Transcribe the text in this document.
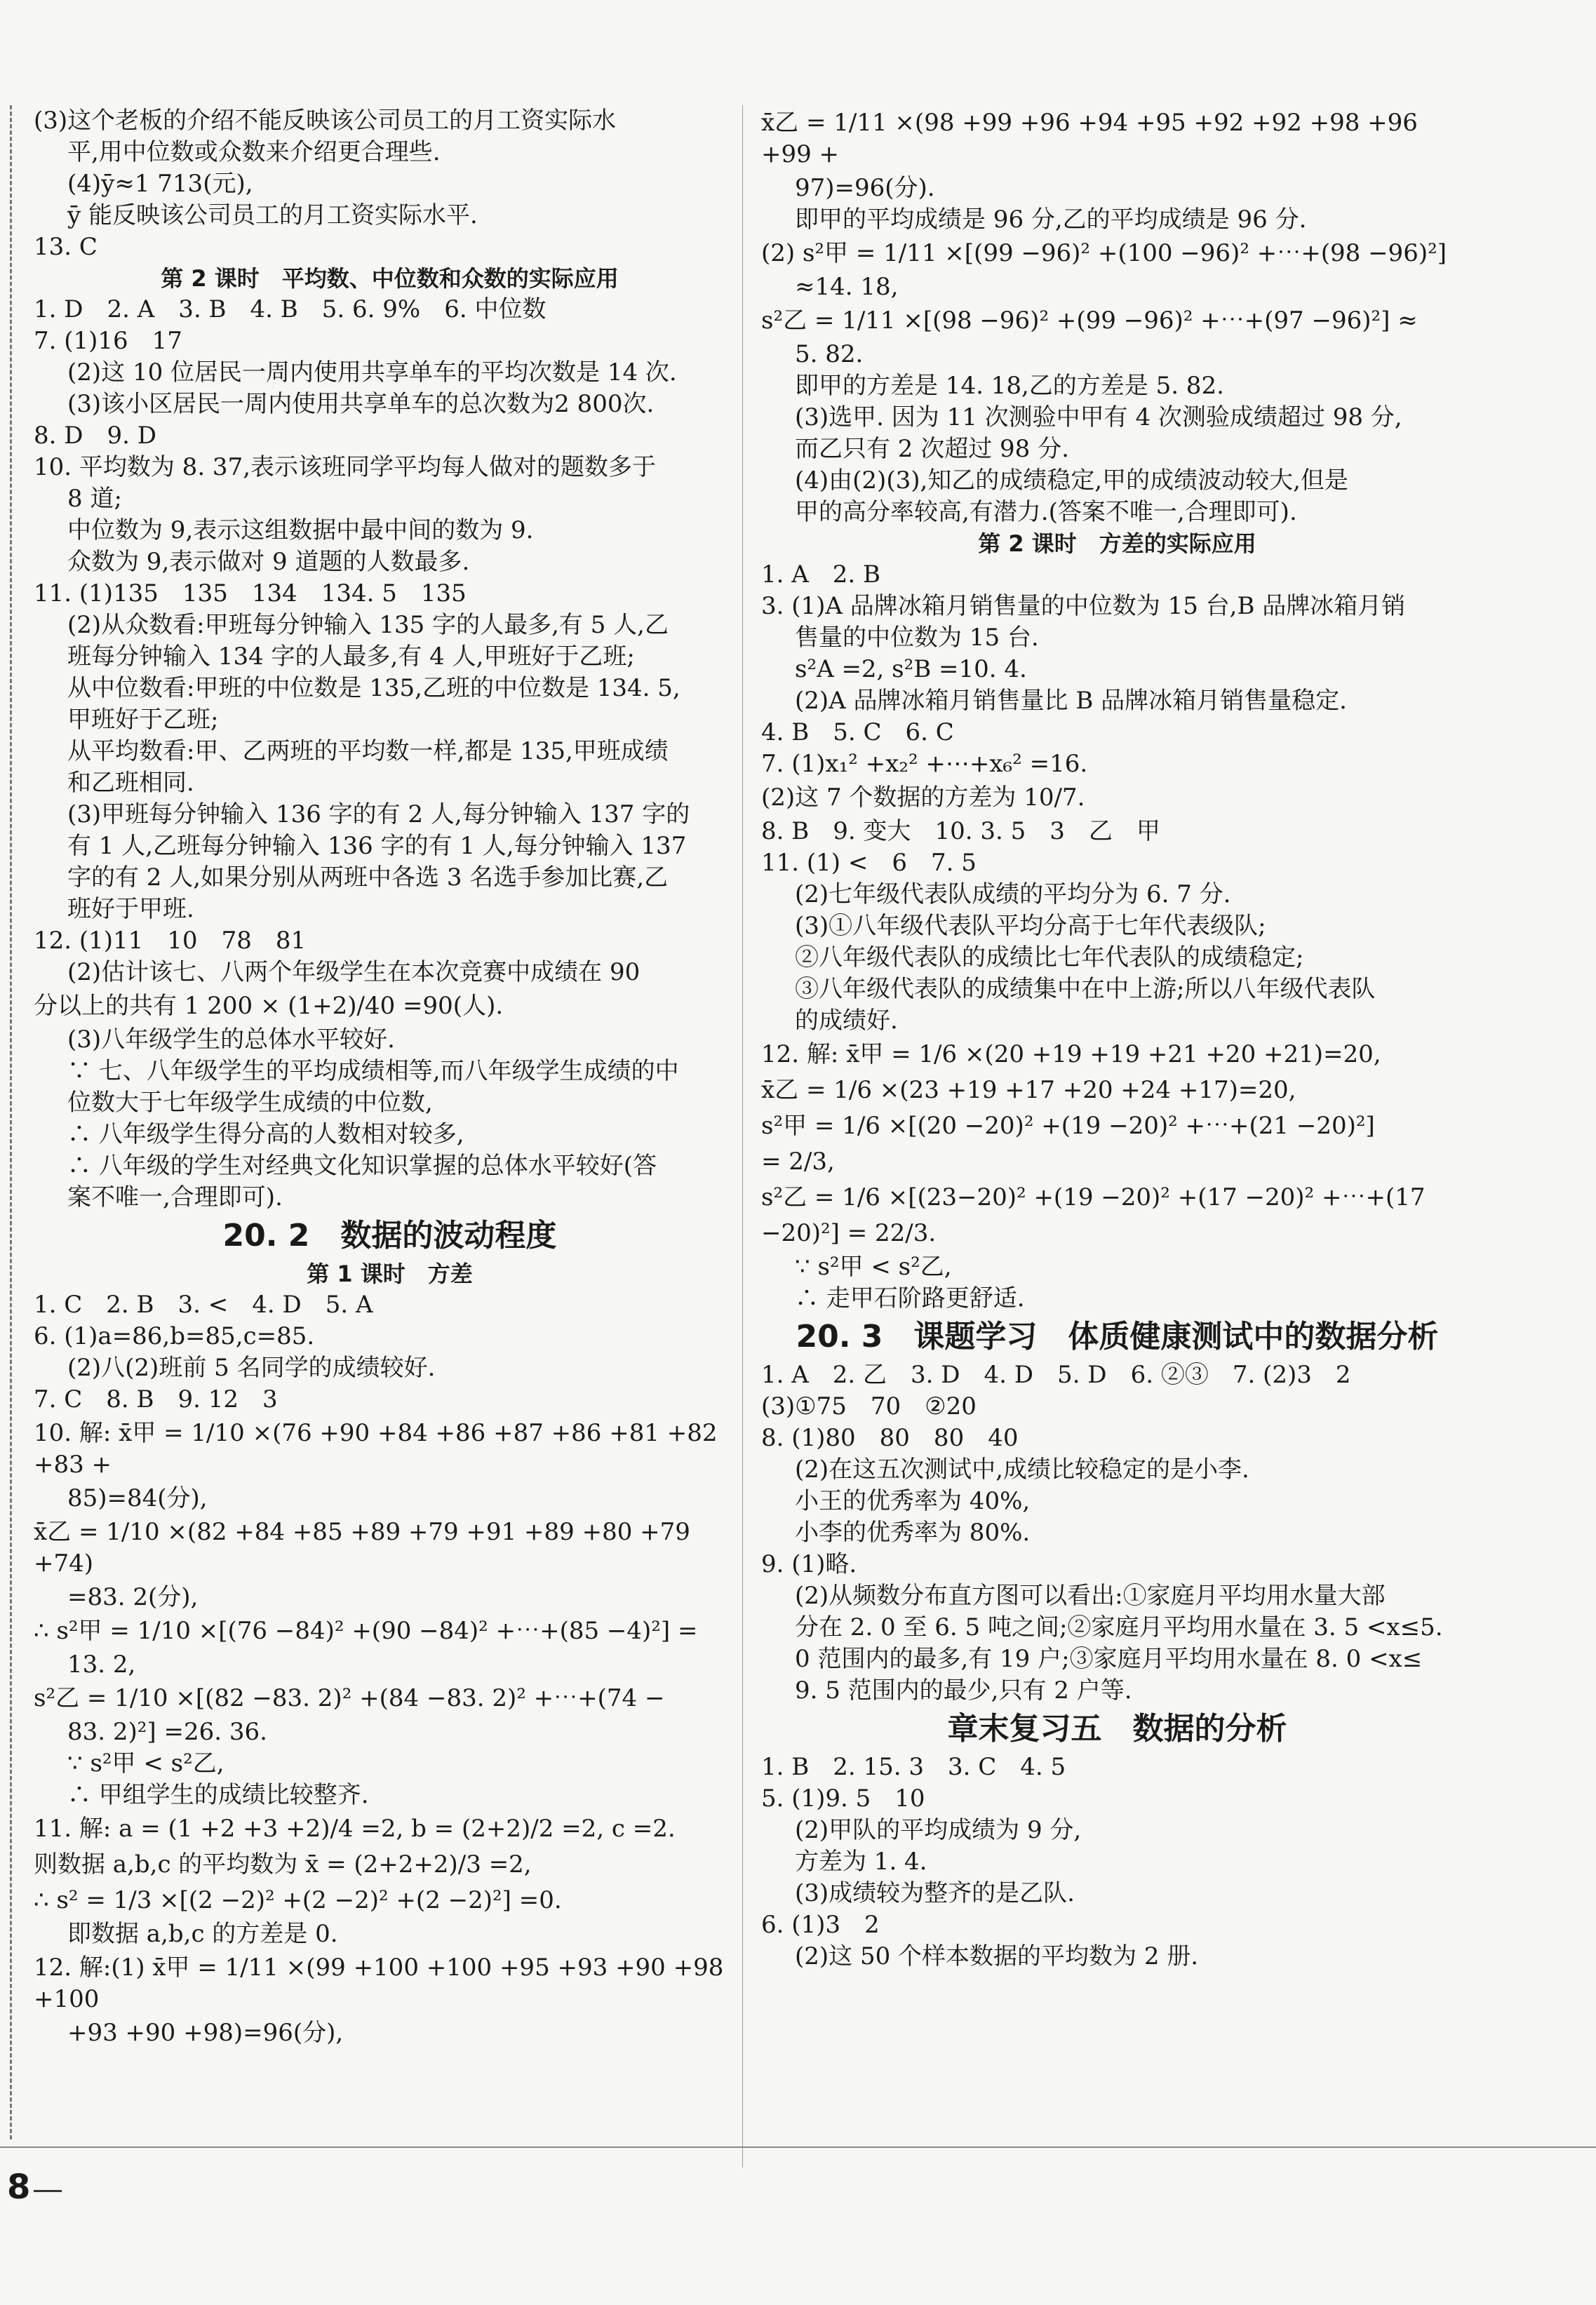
(3)这个老板的介绍不能反映该公司员工的月工资实际水

平,用中位数或众数来介绍更合理些.

(4)ȳ≈1 713(元),

ȳ 能反映该公司员工的月工资实际水平.

13. C

第 2 课时　平均数、中位数和众数的实际应用

1. D　2. A　3. B　4. B　5. 6. 9%　6. 中位数

7. (1)16　17

(2)这 10 位居民一周内使用共享单车的平均次数是 14 次.

(3)该小区居民一周内使用共享单车的总次数为2 800次.

8. D　9. D

10. 平均数为 8. 37,表示该班同学平均每人做对的题数多于

8 道;

中位数为 9,表示这组数据中最中间的数为 9.

众数为 9,表示做对 9 道题的人数最多.

11. (1)135　135　134　134. 5　135

(2)从众数看:甲班每分钟输入 135 字的人最多,有 5 人,乙

班每分钟输入 134 字的人最多,有 4 人,甲班好于乙班;

从中位数看:甲班的中位数是 135,乙班的中位数是 134. 5,

甲班好于乙班;

从平均数看:甲、乙两班的平均数一样,都是 135,甲班成绩

和乙班相同.

(3)甲班每分钟输入 136 字的有 2 人,每分钟输入 137 字的

有 1 人,乙班每分钟输入 136 字的有 1 人,每分钟输入 137

字的有 2 人,如果分别从两班中各选 3 名选手参加比赛,乙

班好于甲班.

12. (1)11　10　78　81

(2)估计该七、八两个年级学生在本次竞赛中成绩在 90

分以上的共有 1 200 × (1+2)/40 =90(人).

(3)八年级学生的总体水平较好.

∵ 七、八年级学生的平均成绩相等,而八年级学生成绩的中

位数大于七年级学生成绩的中位数,

∴ 八年级学生得分高的人数相对较多,

∴ 八年级的学生对经典文化知识掌握的总体水平较好(答

案不唯一,合理即可).

20. 2　数据的波动程度
第 1 课时　方差

1. C　2. B　3. <　4. D　5. A

6. (1)a=86,b=85,c=85.

(2)八(2)班前 5 名同学的成绩较好.

7. C　8. B　9. 12　3

10. 解: x̄甲 = 1/10 ×(76 +90 +84 +86 +87 +86 +81 +82 +83 +

85)=84(分),

x̄乙 = 1/10 ×(82 +84 +85 +89 +79 +91 +89 +80 +79 +74)

=83. 2(分),

∴ s²甲 = 1/10 ×[(76 −84)² +(90 −84)² +⋯+(85 −4)²] =

13. 2,

s²乙 = 1/10 ×[(82 −83. 2)² +(84 −83. 2)² +⋯+(74 −

83. 2)²] =26. 36.

∵ s²甲 < s²乙,

∴ 甲组学生的成绩比较整齐.

11. 解: a = (1 +2 +3 +2)/4 =2, b = (2+2)/2 =2, c =2.

则数据 a,b,c 的平均数为 x̄ = (2+2+2)/3 =2,

∴ s² = 1/3 ×[(2 −2)² +(2 −2)² +(2 −2)²] =0.

即数据 a,b,c 的方差是 0.

12. 解:(1) x̄甲 = 1/11 ×(99 +100 +100 +95 +93 +90 +98 +100

+93 +90 +98)=96(分),

x̄乙 = 1/11 ×(98 +99 +96 +94 +95 +92 +92 +98 +96 +99 +

97)=96(分).

即甲的平均成绩是 96 分,乙的平均成绩是 96 分.

(2) s²甲 = 1/11 ×[(99 −96)² +(100 −96)² +⋯+(98 −96)²]

≈14. 18,

s²乙 = 1/11 ×[(98 −96)² +(99 −96)² +⋯+(97 −96)²] ≈

5. 82.

即甲的方差是 14. 18,乙的方差是 5. 82.

(3)选甲. 因为 11 次测验中甲有 4 次测验成绩超过 98 分,

而乙只有 2 次超过 98 分.

(4)由(2)(3),知乙的成绩稳定,甲的成绩波动较大,但是

甲的高分率较高,有潜力.(答案不唯一,合理即可).

第 2 课时　方差的实际应用

1. A　2. B

3. (1)A 品牌冰箱月销售量的中位数为 15 台,B 品牌冰箱月销

售量的中位数为 15 台.

s²A =2, s²B =10. 4.

(2)A 品牌冰箱月销售量比 B 品牌冰箱月销售量稳定.

4. B　5. C　6. C

7. (1)x₁² +x₂² +⋯+x₆² =16.

(2)这 7 个数据的方差为 10/7.

8. B　9. 变大　10. 3. 5　3　乙　甲

11. (1) <　6　7. 5

(2)七年级代表队成绩的平均分为 6. 7 分.

(3)①八年级代表队平均分高于七年代表级队;

②八年级代表队的成绩比七年代表队的成绩稳定;

③八年级代表队的成绩集中在中上游;所以八年级代表队

的成绩好.

12. 解: x̄甲 = 1/6 ×(20 +19 +19 +21 +20 +21)=20,

x̄乙 = 1/6 ×(23 +19 +17 +20 +24 +17)=20,

s²甲 = 1/6 ×[(20 −20)² +(19 −20)² +⋯+(21 −20)²]

= 2/3,

s²乙 = 1/6 ×[(23−20)² +(19 −20)² +(17 −20)² +⋯+(17

−20)²] = 22/3.

∵ s²甲 < s²乙,

∴ 走甲石阶路更舒适.

20. 3　课题学习　体质健康测试中的数据分析

1. A　2. 乙　3. D　4. D　5. D　6. ②③　7. (2)3　2

(3)①75　70　②20

8. (1)80　80　80　40

(2)在这五次测试中,成绩比较稳定的是小李.

小王的优秀率为 40%,

小李的优秀率为 80%.

9. (1)略.

(2)从频数分布直方图可以看出:①家庭月平均用水量大部

分在 2. 0 至 6. 5 吨之间;②家庭月平均用水量在 3. 5 <x≤5.

0 范围内的最多,有 19 户;③家庭月平均用水量在 8. 0 <x≤

9. 5 范围内的最少,只有 2 户等.

章末复习五　数据的分析

1. B　2. 15. 3　3. C　4. 5

5. (1)9. 5　10

(2)甲队的平均成绩为 9 分,

方差为 1. 4.

(3)成绩较为整齐的是乙队.

6. (1)3　2

(2)这 50 个样本数据的平均数为 2 册.

8
